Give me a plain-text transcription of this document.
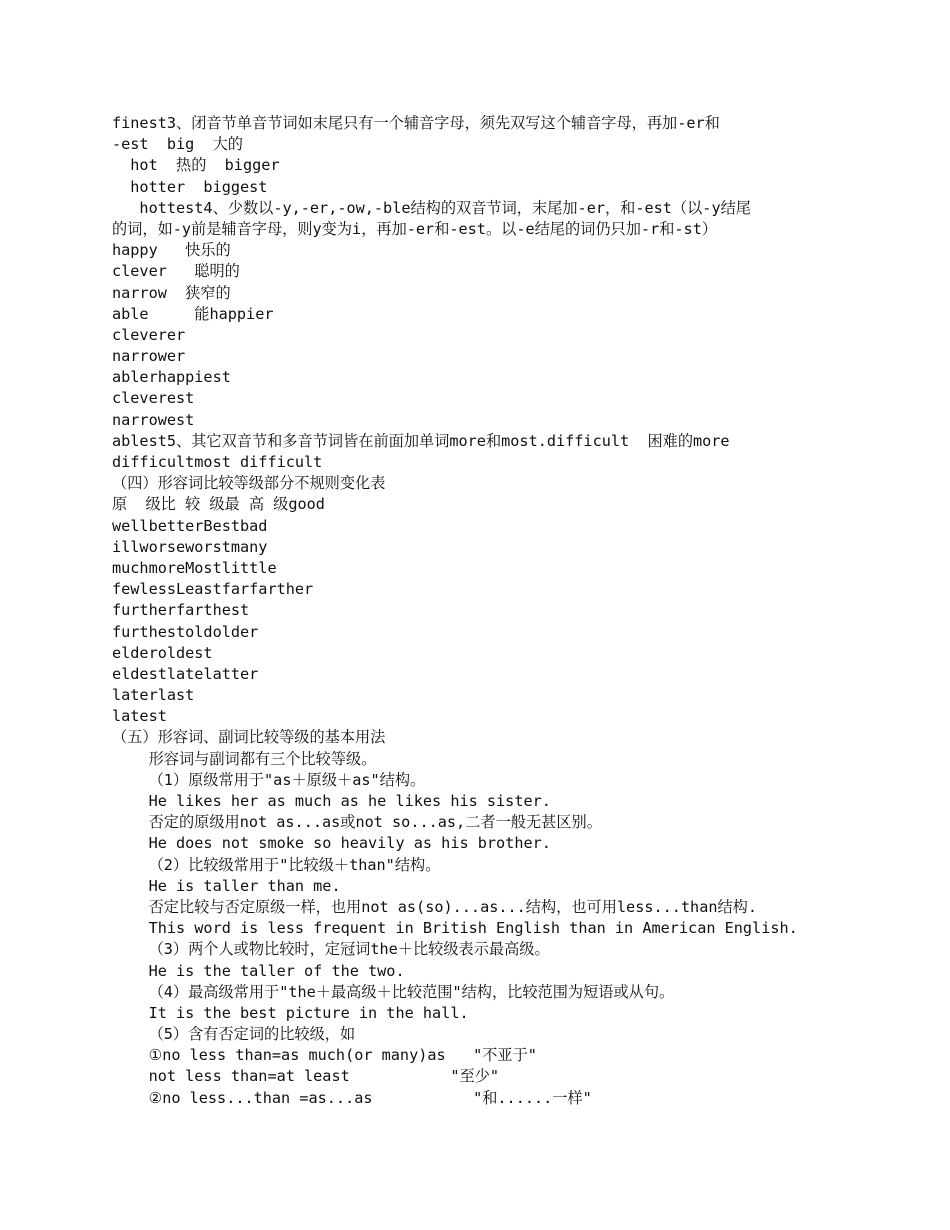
finest3、闭音节单音节词如末尾只有一个辅音字母，须先双写这个辅音字母，再加-er和
-est  big  大的
hot  热的  bigger
hotter  biggest
hottest4、少数以-y,-er,-ow,-ble结构的双音节词，末尾加-er，和-est（以-y结尾
的词，如-y前是辅音字母，则y变为i，再加-er和-est。以-e结尾的词仍只加-r和-st）
happy   快乐的
clever   聪明的
narrow  狭窄的
able     能happier
cleverer
narrower
ablerhappiest
cleverest
narrowest
ablest5、其它双音节和多音节词皆在前面加单词more和most.difficult  困难的more
difficultmost difficult
（四）形容词比较等级部分不规则变化表
原  级比 较 级最 高 级good
wellbetterBestbad
illworseworstmany
muchmoreMostlittle
fewlessLeastfarfarther
furtherfarthest
furthestoldolder
elderoldest
eldestlatelatter
laterlast
latest
（五）形容词、副词比较等级的基本用法
形容词与副词都有三个比较等级。
（1）原级常用于"as＋原级＋as"结构。
He likes her as much as he likes his sister.
否定的原级用not as...as或not so...as,二者一般无甚区别。
He does not smoke so heavily as his brother.
（2）比较级常用于"比较级＋than"结构。
He is taller than me.
否定比较与否定原级一样，也用not as(so)...as...结构，也可用less...than结构.
This word is less frequent in British English than in American English.
（3）两个人或物比较时，定冠词the＋比较级表示最高级。
He is the taller of the two.
（4）最高级常用于"the＋最高级＋比较范围"结构，比较范围为短语或从句。
It is the best picture in the hall.
（5）含有否定词的比较级，如
①no less than=as much(or many)as   "不亚于"
not less than=at least           "至少"
②no less...than =as...as           "和......一样"
